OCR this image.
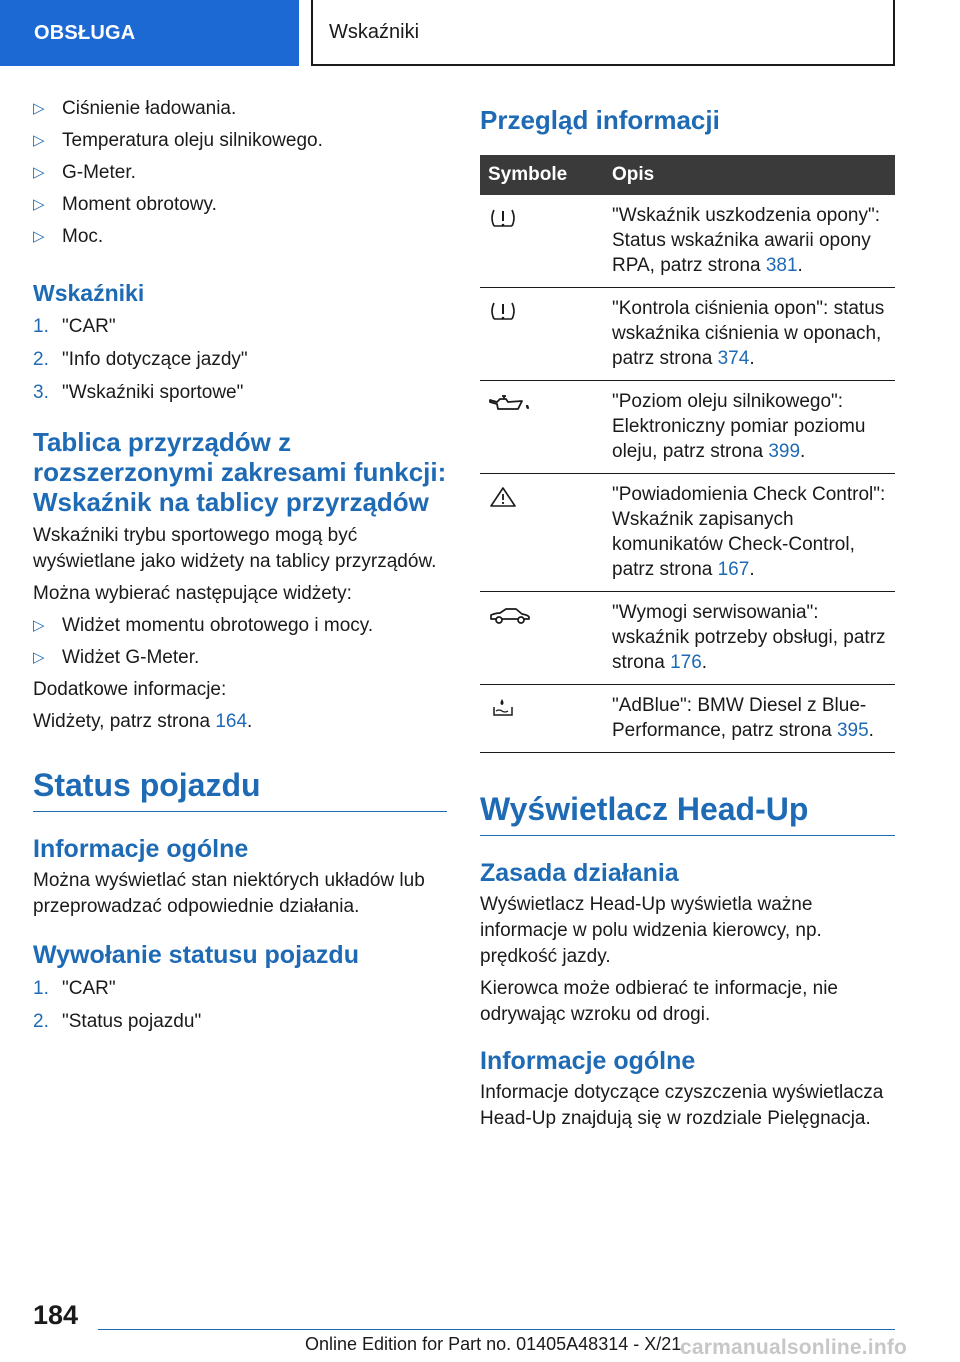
OBSŁUGA	Wskaźniki
▷ Ciśnienie ładowania.
▷ Temperatura oleju silnikowego.
▷ G-Meter.
▷ Moment obrotowy.
▷ Moc.
Wskaźniki
1. "CAR"
2. "Info dotyczące jazdy"
3. "Wskaźniki sportowe"
Tablica przyrządów z rozszerzonymi zakresami funkcji: Wskaźnik na tablicy przyrządów

Wskaźniki trybu sportowego mogą być wyświetlane jako widżety na tablicy przyrządów.

Można wybierać następujące widżety:

▷ Widżet momentu obrotowego i mocy.
▷ Widżet G-Meter.

Dodatkowe informacje:

Widżety, patrz strona 164.

Status pojazdu
Informacje ogólne

Można wyświetlać stan niektórych układów lub przeprowadzać odpowiednie działania.

Wywołanie statusu pojazdu
1. "CAR"
2. "Status pojazdu"
Przegląd informacji
Symbole	Opis

	"Wskaźnik uszkodzenia opony": Status wskaźnika awarii opony RPA, patrz strona 381.

	"Kontrola ciśnienia opon": status wskaźnika ciśnienia w oponach, patrz strona 374.

	"Poziom oleju silnikowego": Elektroniczny pomiar poziomu oleju, patrz strona 399.

	"Powiadomienia Check Control": Wskaźnik zapisanych komunikatów Check-Control, patrz strona 167.

	"Wymogi serwisowania": wskaźnik potrzeby obsługi, patrz strona 176.

	"AdBlue": BMW Diesel z Blue-Performance, patrz strona 395.
Wyświetlacz Head-Up
Zasada działania

Wyświetlacz Head-Up wyświetla ważne informacje w polu widzenia kierowcy, np. prędkość jazdy.

Kierowca może odbierać te informacje, nie odrywając wzroku od drogi.

Informacje ogólne

Informacje dotyczące czyszczenia wyświetlacza Head-Up znajdują się w rozdziale Pielęgnacja.

184
Online Edition for Part no. 01405A48314 - X/21
carmanualsonline.info
